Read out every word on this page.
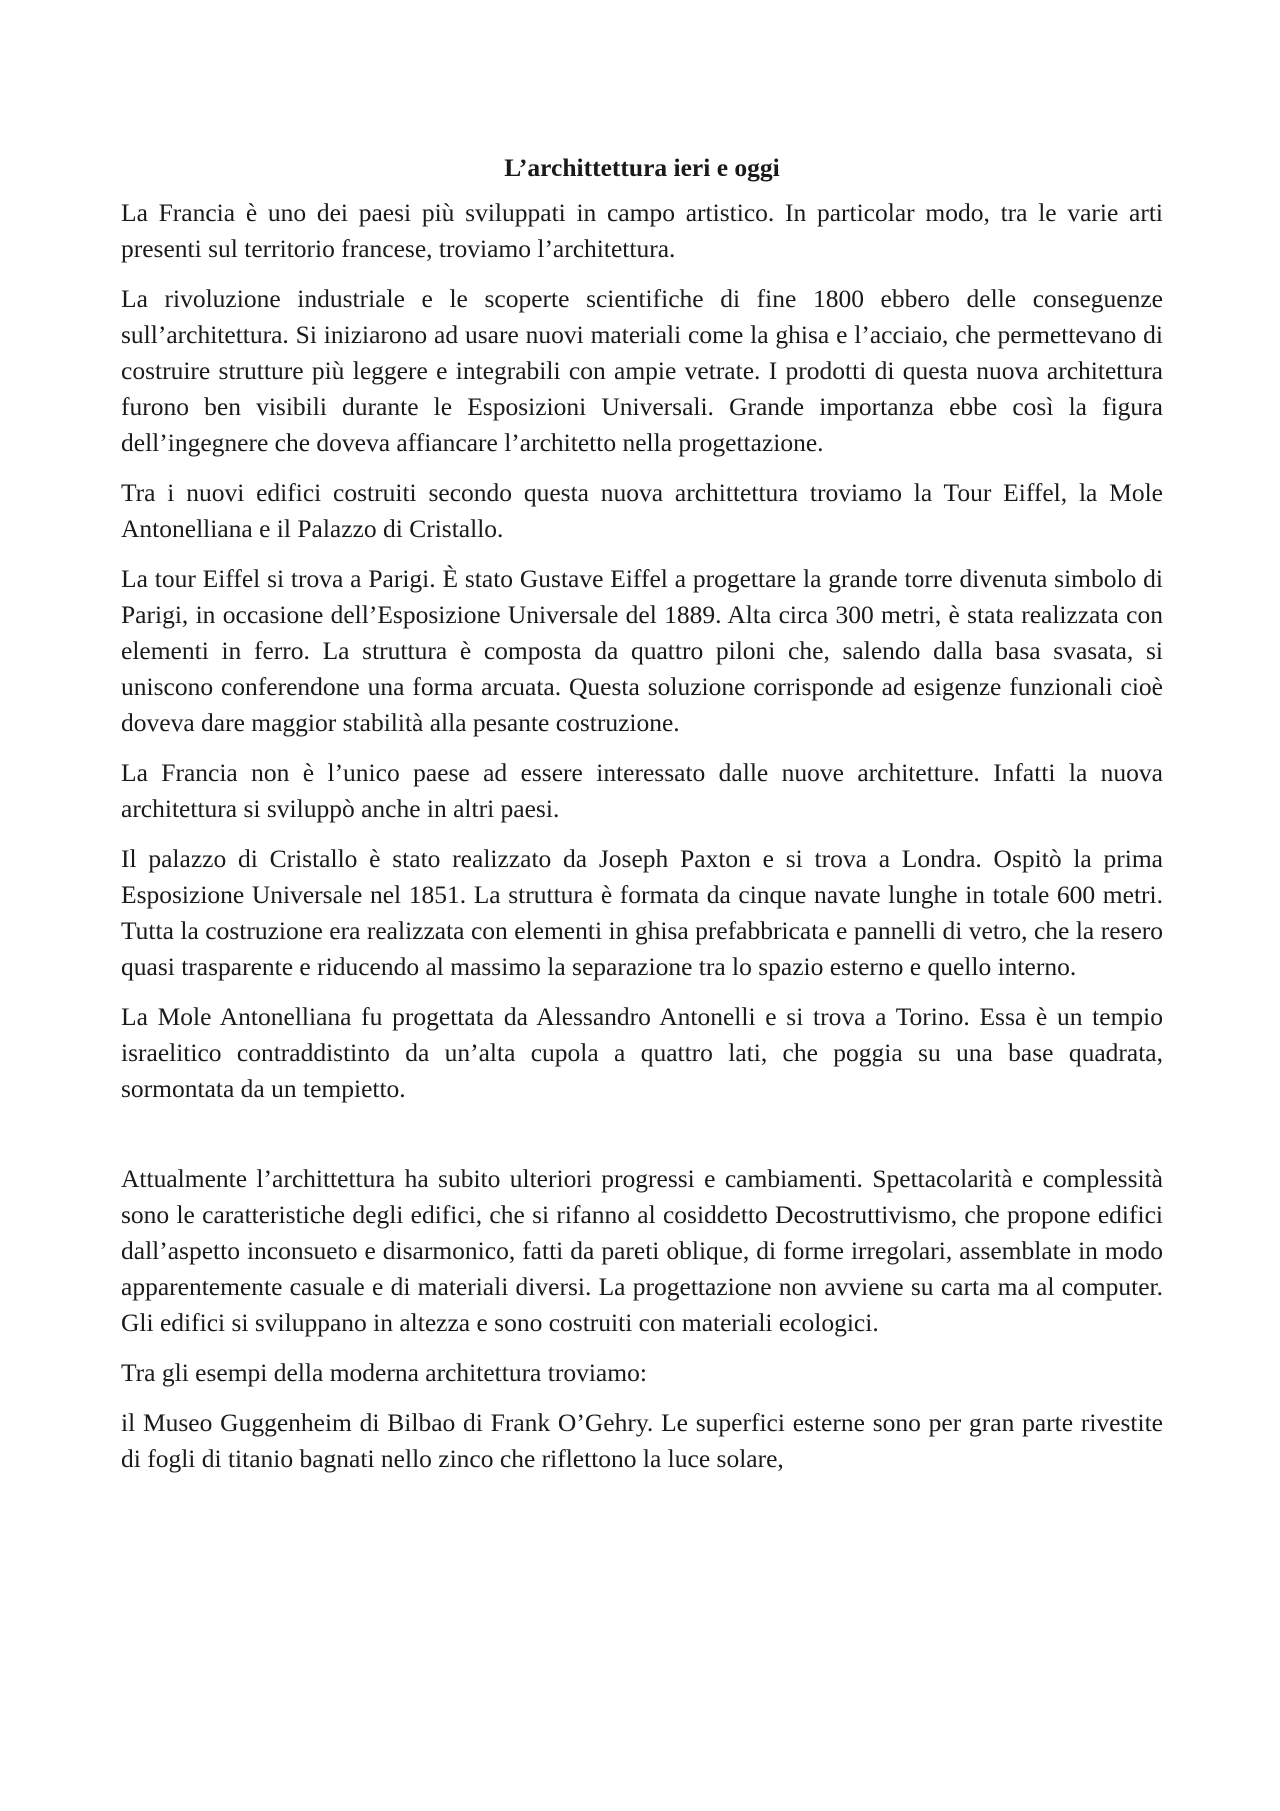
L’archittettura ieri e oggi

La Francia è uno dei paesi più sviluppati in campo artistico. In particolar modo, tra le varie arti presenti sul territorio francese, troviamo l’architettura.

La rivoluzione industriale e le scoperte scientifiche di fine 1800 ebbero delle conseguenze sull’architettura. Si iniziarono ad usare nuovi materiali come la ghisa e l’acciaio, che permettevano di costruire strutture più leggere e integrabili con ampie vetrate. I prodotti di questa nuova architettura furono ben visibili durante le Esposizioni Universali. Grande importanza ebbe così la figura dell’ingegnere che doveva affiancare l’architetto nella progettazione.

Tra i nuovi edifici costruiti secondo questa nuova archittettura troviamo la Tour Eiffel, la Mole Antonelliana e il Palazzo di Cristallo.

La tour Eiffel si trova a Parigi. È stato Gustave Eiffel a progettare la grande torre divenuta simbolo di Parigi, in occasione dell’Esposizione Universale del 1889. Alta circa 300 metri, è stata realizzata con elementi in ferro. La struttura è composta da quattro piloni che, salendo dalla basa svasata, si uniscono conferendone una forma arcuata. Questa soluzione corrisponde ad esigenze funzionali cioè doveva dare maggior stabilità alla pesante costruzione.

La Francia non è l’unico paese ad essere interessato dalle nuove architetture. Infatti la nuova architettura si sviluppò anche in altri paesi.

Il palazzo di Cristallo è stato realizzato da Joseph Paxton e si trova a Londra. Ospitò la prima Esposizione Universale nel 1851. La struttura è formata da cinque navate lunghe in totale 600 metri. Tutta la costruzione era realizzata con elementi in ghisa prefabbricata e pannelli di vetro, che la resero quasi trasparente e riducendo al massimo la separazione tra lo spazio esterno e quello interno.

La Mole Antonelliana fu progettata da Alessandro Antonelli e si trova a Torino. Essa è un tempio israelitico contraddistinto da un’alta cupola a quattro lati, che poggia su una base quadrata, sormontata da un tempietto.

Attualmente l’archittettura ha subito ulteriori progressi e cambiamenti. Spettacolarità e complessità sono le caratteristiche degli edifici, che si rifanno al cosiddetto Decostruttivismo, che propone edifici dall’aspetto inconsueto e disarmonico, fatti da pareti oblique, di forme irregolari, assemblate in modo apparentemente casuale e di materiali diversi. La progettazione non avviene su carta ma al computer. Gli edifici si sviluppano in altezza e sono costruiti con materiali ecologici.

Tra gli esempi della moderna architettura troviamo:

il Museo Guggenheim di Bilbao di Frank O’Gehry. Le superfici esterne sono per gran parte rivestite di fogli di titanio bagnati nello zinco che riflettono la luce solare,
